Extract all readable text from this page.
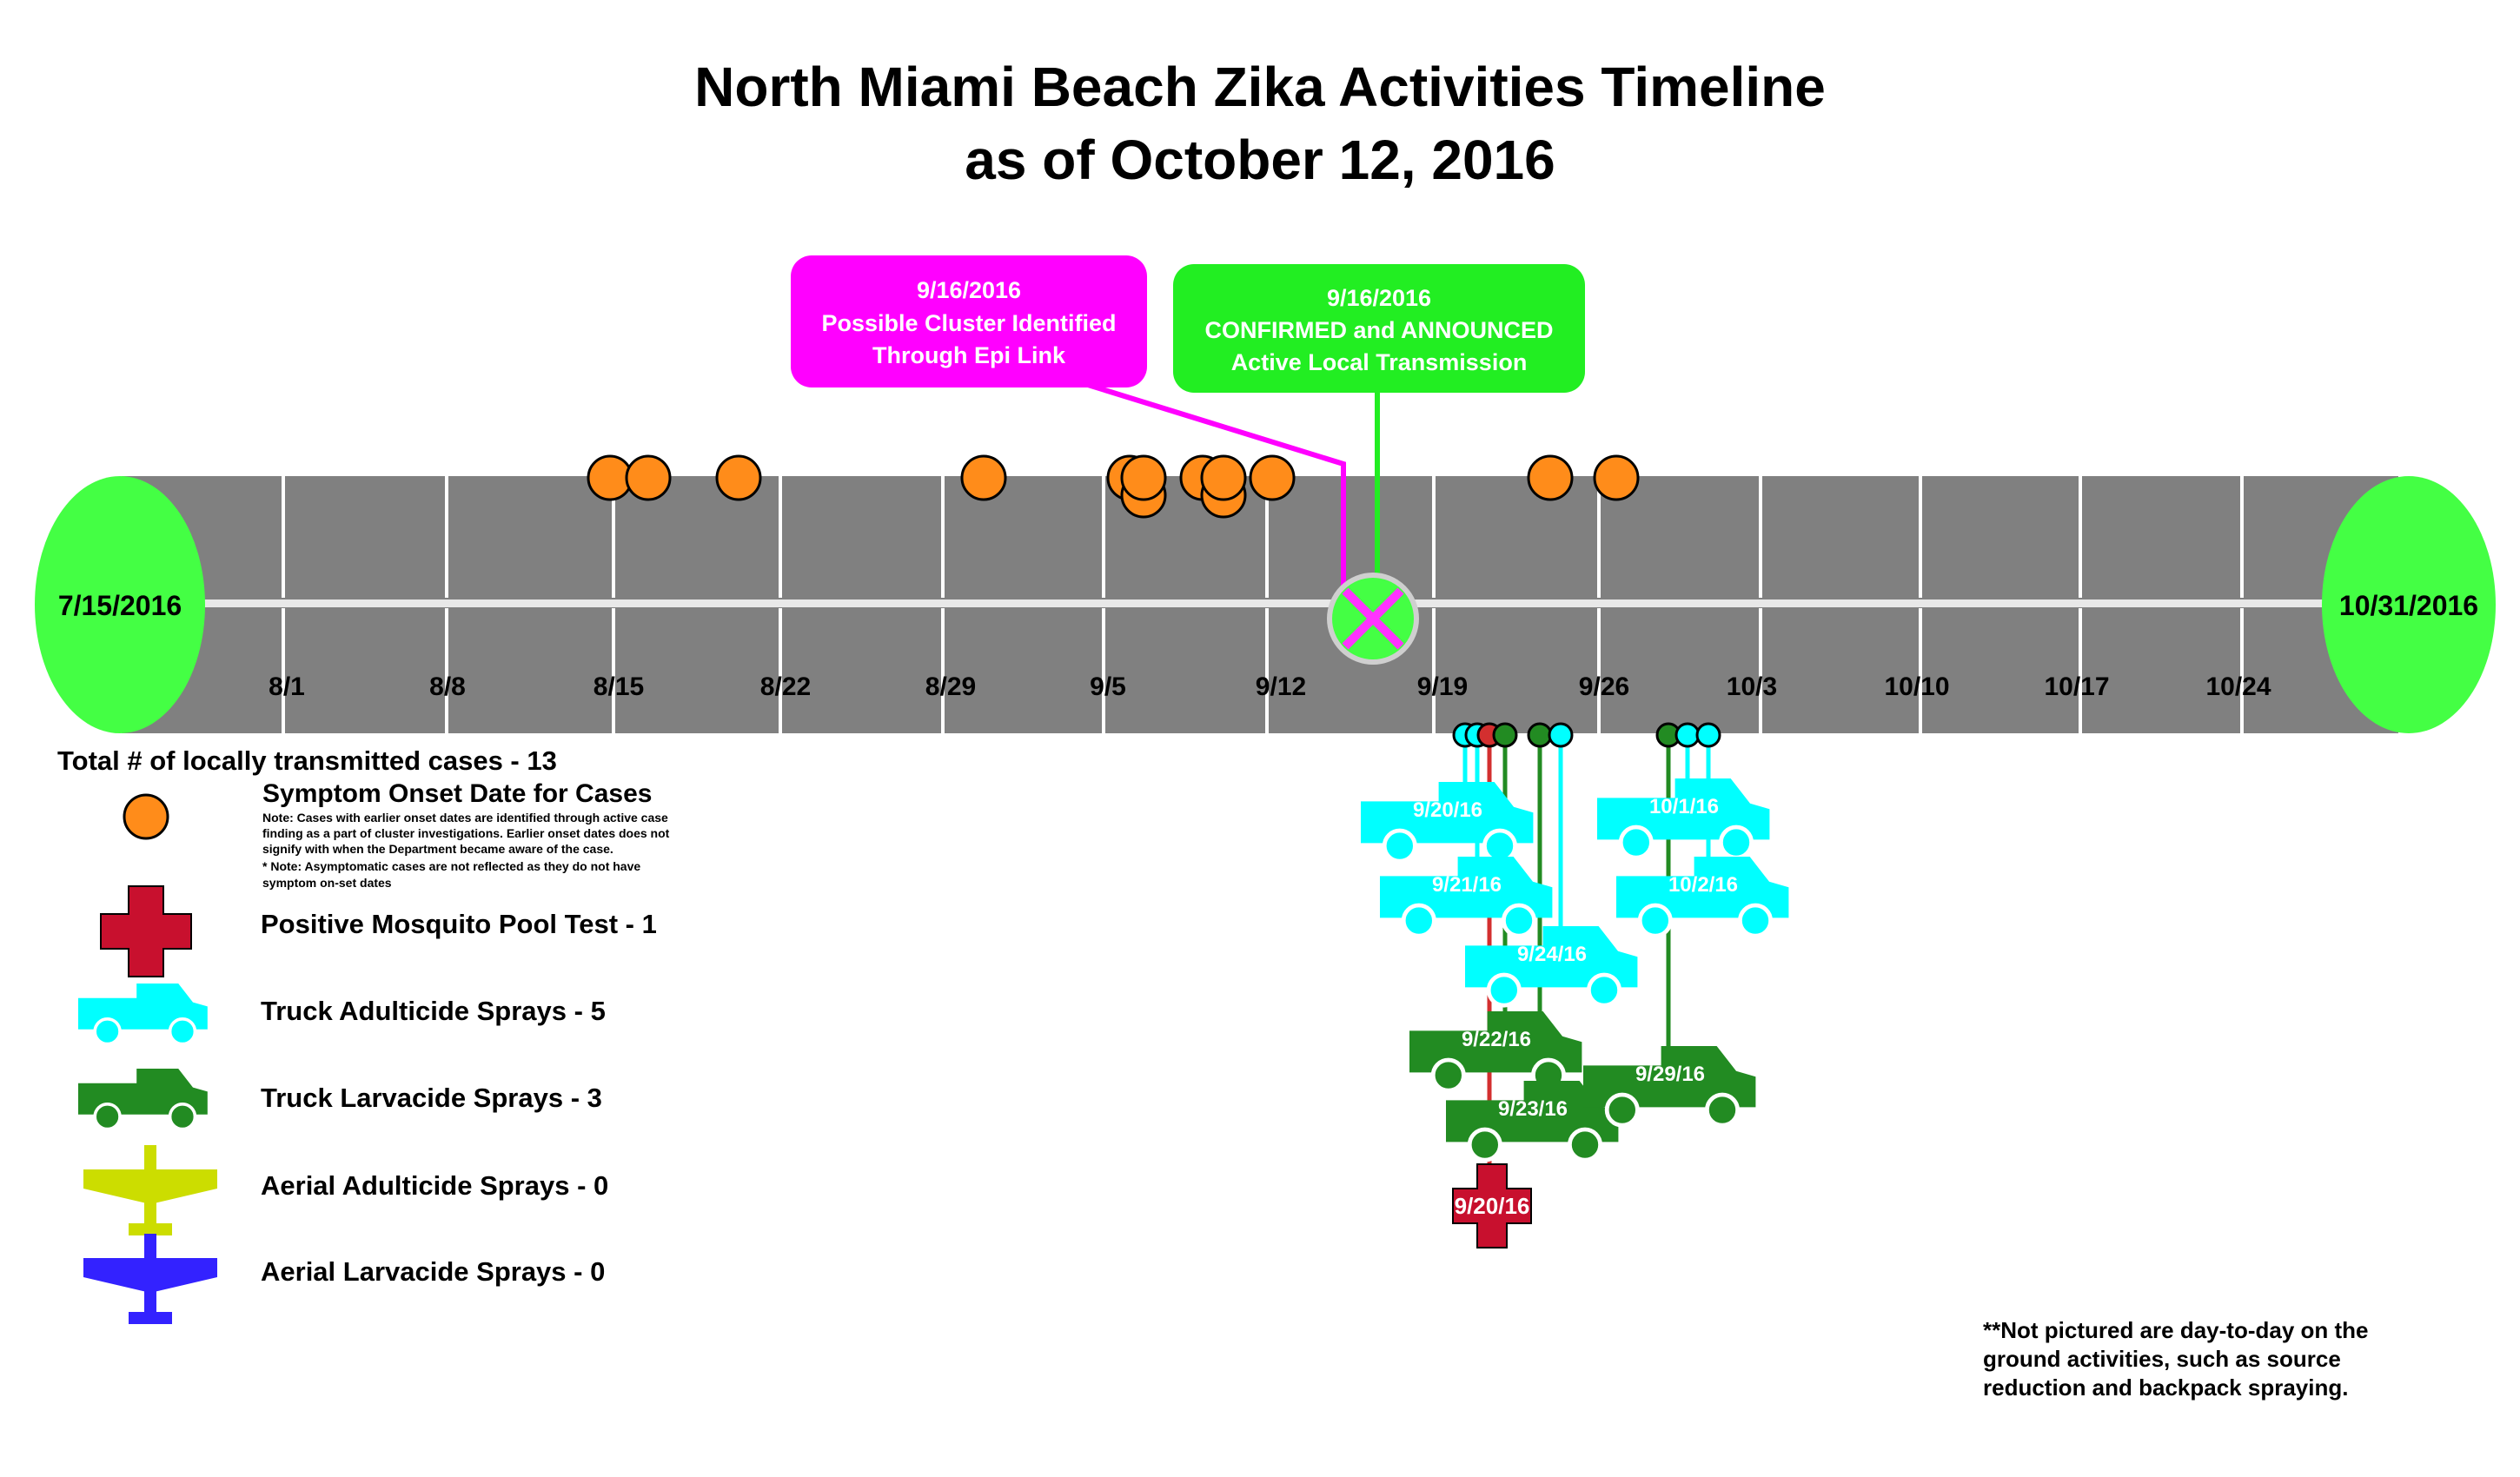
North Miami Beach Zika Activities Timeline
as of October 12, 2016
7/15/2016	10/31/2016
8/1	8/8	8/15	8/22	8/29	9/5	9/12	9/19	9/26	10/3	10/10	10/17	10/24
9/16/2016
Possible Cluster Identified
Through Epi Link
9/16/2016
CONFIRMED and ANNOUNCED
Active Local Transmission
9/20/16
9/21/16
9/24/16
10/1/16
10/2/16
9/22/16
9/23/16
9/29/16
9/20/16
Total # of locally transmitted cases - 13
Symptom Onset Date for Cases
Note: Cases with earlier onset dates are identified through active case
finding as a part of cluster investigations. Earlier onset dates does not
signify with when the Department became aware of the case.
* Note: Asymptomatic cases are not reflected as they do not have
symptom on-set dates
Positive Mosquito Pool Test - 1
Truck Adulticide Sprays - 5
Truck Larvacide Sprays - 3
Aerial Adulticide Sprays - 0
Aerial Larvacide Sprays - 0
**Not pictured are day-to-day on the
ground activities, such as source
reduction and backpack spraying.
